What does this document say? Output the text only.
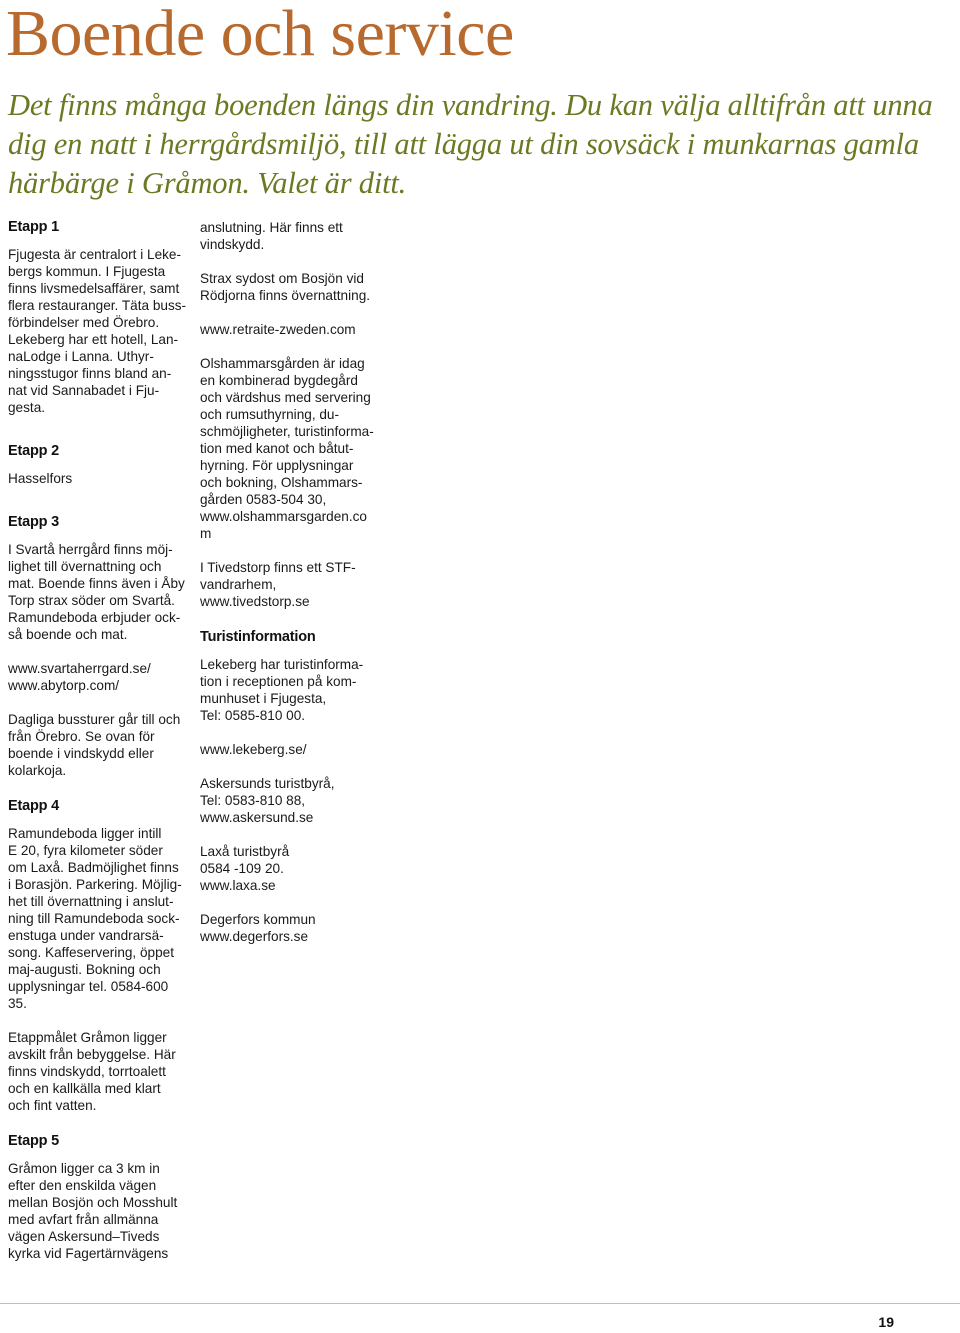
Boende och service

Det finns många boenden längs din vandring. Du kan välja alltifrån att unna dig en natt i herrgårdsmiljö, till att lägga ut din sovsäck i munkarnas gamla härbärge i Gråmon. Valet är ditt.

Etapp 1
Fjugesta är centralort i Leke-
bergs kommun. I Fjugesta
finns livsmedelsaffärer, samt
flera restauranger. Täta buss-
förbindelser med Örebro.
Lekeberg har ett hotell, Lan-
naLodge i Lanna. Uthyr-
ningsstugor finns bland an-
nat vid Sannabadet i Fju-
gesta.
Etapp 2
Hasselfors
Etapp 3
I Svartå herrgård finns möj-
lighet till övernattning och
mat. Boende finns även i Åby
Torp strax söder om Svartå.
Ramundeboda erbjuder ock-
så boende och mat.
www.svartaherrgard.se/
www.abytorp.com/
Dagliga bussturer går till och
från Örebro. Se ovan för
boende i vindskydd eller
kolarkoja.
Etapp 4
Ramundeboda ligger intill
E 20, fyra kilometer söder
om Laxå. Badmöjlighet finns
i Borasjön. Parkering. Möjlig-
het till övernattning i anslut-
ning till Ramundeboda sock-
enstuga under vandrarsä-
song. Kaffeservering, öppet
maj-augusti. Bokning och
upplysningar tel. 0584-600
35.
Etappmålet Gråmon ligger
avskilt från bebyggelse. Här
finns vindskydd, torrtoalett
och en kallkälla med klart
och fint vatten.
Etapp 5
Gråmon ligger ca 3 km in
efter den enskilda vägen
mellan Bosjön och Mosshult
med avfart från allmänna
vägen Askersund–Tiveds
kyrka vid Fagertärnvägens
anslutning. Här finns ett
vindskydd.
Strax sydost om Bosjön vid
Rödjorna finns övernattning.
www.retraite-zweden.com
Olshammarsgården är idag
en kombinerad bygdegård
och värdshus med servering
och rumsuthyrning, du-
schmöjligheter, turistinforma-
tion med kanot och båtut-
hyrning. För upplysningar
och bokning, Olshammars-
gården 0583-504 30,
www.olshammarsgarden.co
m
I Tivedstorp finns ett STF-
vandrarhem,
www.tivedstorp.se
Turistinformation
Lekeberg har turistinforma-
tion i receptionen på kom-
munhuset i Fjugesta,
Tel: 0585-810 00.
www.lekeberg.se/
Askersunds turistbyrå,
Tel: 0583-810 88,
www.askersund.se
Laxå turistbyrå
0584 -109 20.
www.laxa.se
Degerfors kommun
www.degerfors.se
19
